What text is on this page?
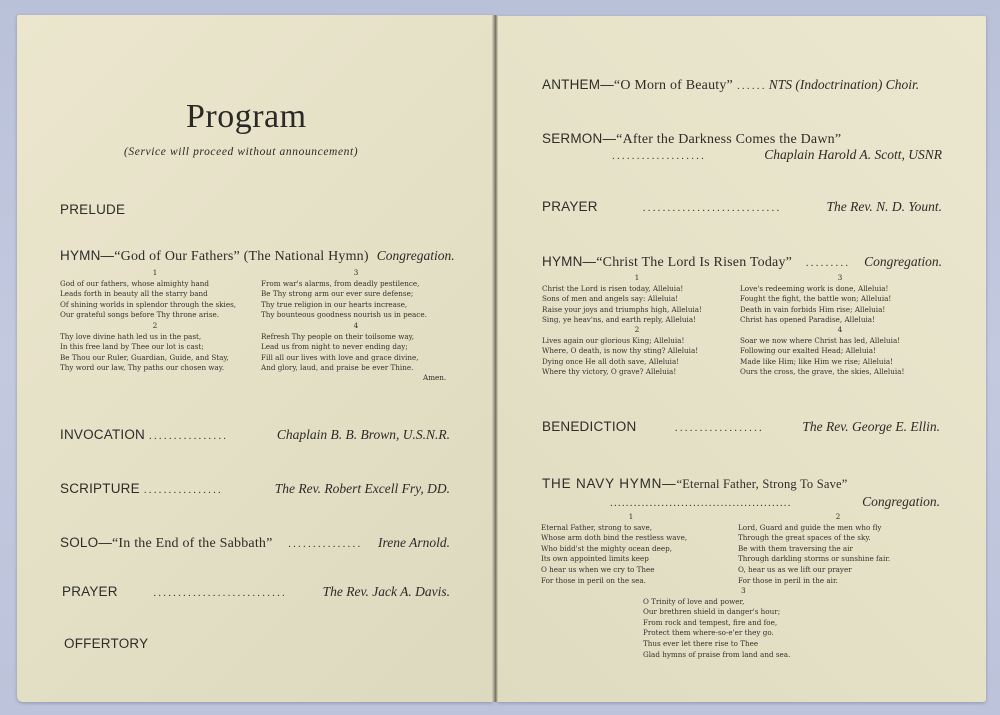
Program
(Service will proceed without announcement)
PRELUDE
HYMN— “God of Our Fathers” (The National Hymn) Congregation.
1
God of our fathers, whose almighty hand
Leads forth in beauty all the starry band
Of shining worlds in splendor through the skies,
Our grateful songs before Thy throne arise.
2
Thy love divine hath led us in the past,
In this free land by Thee our lot is cast;
Be Thou our Ruler, Guardian, Guide, and Stay,
Thy word our law, Thy paths our chosen way.
3
From war's alarms, from deadly pestilence,
Be Thy strong arm our ever sure defense;
Thy true religion in our hearts increase,
Thy bounteous goodness nourish us in peace.
4
Refresh Thy people on their toilsome way,
Lead us from night to never ending day;
Fill all our lives with love and grace divine,
And glory, laud, and praise be ever Thine.
Amen.
INVOCATION ................	Chaplain B. B. Brown, U.S.N.R.
SCRIPTURE ................	The Rev. Robert Excell Fry, DD.
SOLO— “In the End of the Sabbath”	...............	Irene Arnold.
PRAYER	...........................	The Rev. Jack A. Davis.
OFFERTORY
ANTHEM— “O Morn of Beauty” ...... NTS (Indoctrination) Choir.
SERMON—“After the Darkness Comes the Dawn”
...................	Chaplain Harold A. Scott, USNR
PRAYER	............................	The Rev. N. D. Yount.
HYMN— “Christ The Lord Is Risen Today”	.........	Congregation.
1
Christ the Lord is risen today, Alleluia!
Sons of men and angels say: Alleluia!
Raise your joys and triumphs high, Alleluia!
Sing, ye heav'ns, and earth reply, Alleluia!
2
Lives again our glorious King; Alleluia!
Where, O death, is now thy sting? Alleluia!
Dying once He all doth save, Alleluia!
Where thy victory, O grave? Alleluia!
3
Love's redeeming work is done, Alleluia!
Fought the fight, the battle won; Alleluia!
Death in vain forbids Him rise; Alleluia!
Christ has opened Paradise, Alleluia!
4
Soar we now where Christ has led, Alleluia!
Following our exalted Head; Alleluia!
Made like Him; like Him we rise; Alleluia!
Ours the cross, the grave, the skies, Alleluia!
BENEDICTION	..................	The Rev. George E. Ellin.
THE NAVY HYMN—“Eternal Father, Strong To Save”
..............................................	Congregation.
1
Eternal Father, strong to save,
Whose arm doth bind the restless wave,
Who bidd'st the mighty ocean deep,
Its own appointed limits keep
O hear us when we cry to Thee
For those in peril on the sea.
2
Lord, Guard and guide the men who fly
Through the great spaces of the sky.
Be with them traversing the air
Through darkling storms or sunshine fair.
O, hear us as we lift our prayer
For those in peril in the air.
3
O Trinity of love and power,
Our brethren shield in danger's hour;
From rock and tempest, fire and foe,
Protect them where-so-e'er they go.
Thus ever let there rise to Thee
Glad hymns of praise from land and sea.
